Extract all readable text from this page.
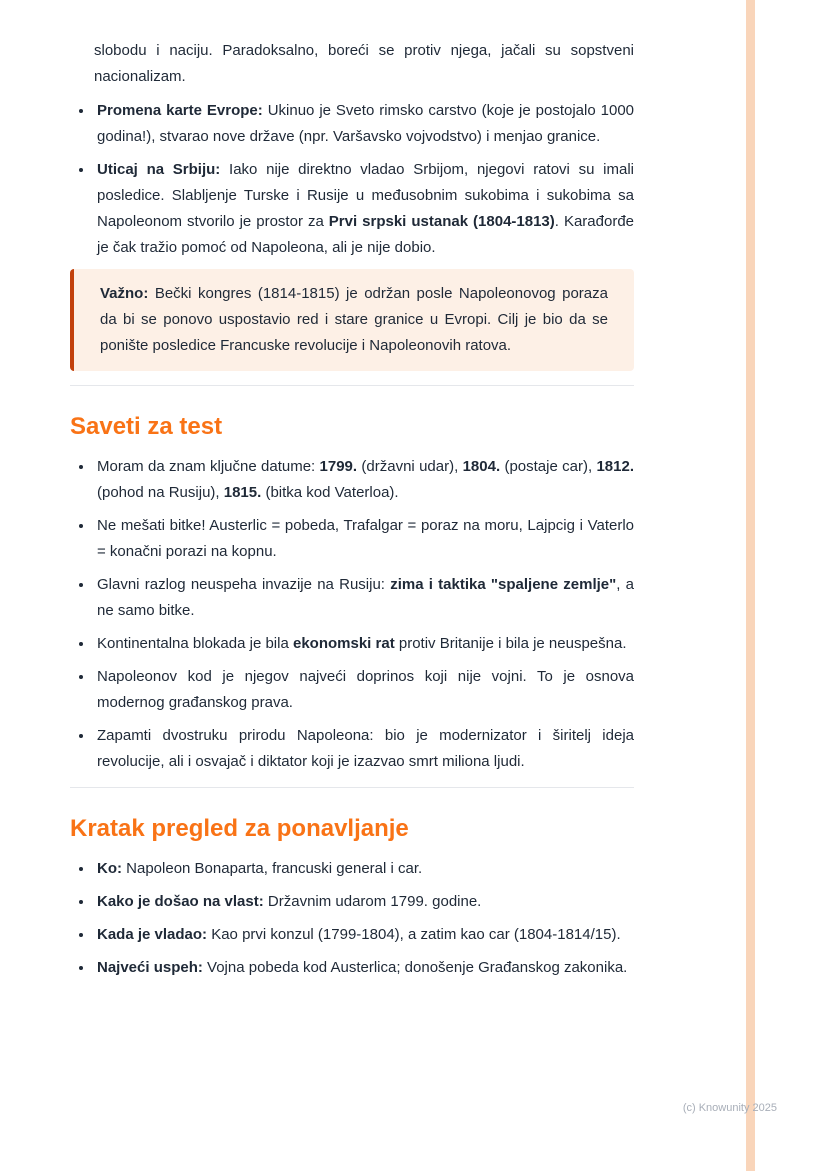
slobodu i naciju. Paradoksalno, boreći se protiv njega, jačali su sopstveni nacionalizam.

• Promena karte Evrope: Ukinuo je Sveto rimsko carstvo (koje je postojalo 1000 godina!), stvarao nove države (npr. Varšavsko vojvodstvo) i menjao granice.
• Uticaj na Srbiju: Iako nije direktno vladao Srbijom, njegovi ratovi su imali posledice. Slabljenje Turske i Rusije u međusobnim sukobima i sukobima sa Napoleonom stvorilo je prostor za Prvi srpski ustanak (1804-1813). Karađorđe je čak tražio pomoć od Napoleona, ali je nije dobio.

Važno: Bečki kongres (1814-1815) je održan posle Napoleonovog poraza da bi se ponovo uspostavio red i stare granice u Evropi. Cilj je bio da se ponište posledice Francuske revolucije i Napoleonovih ratova.

Saveti za test
• Moram da znam ključne datume: 1799. (državni udar), 1804. (postaje car), 1812. (pohod na Rusiju), 1815. (bitka kod Vaterloa).
• Ne mešati bitke! Austerlic = pobeda, Trafalgar = poraz na moru, Lajpcig i Vaterlo = konačni porazi na kopnu.
• Glavni razlog neuspeha invazije na Rusiju: zima i taktika "spaljene zemlje", a ne samo bitke.
• Kontinentalna blokada je bila ekonomski rat protiv Britanije i bila je neuspešna.
• Napoleonov kod je njegov najveći doprinos koji nije vojni. To je osnova modernog građanskog prava.
• Zapamti dvostruku prirodu Napoleona: bio je modernizator i širitelj ideja revolucije, ali i osvajač i diktator koji je izazvao smrt miliona ljudi.
Kratak pregled za ponavljanje
• Ko: Napoleon Bonaparta, francuski general i car.
• Kako je došao na vlast: Državnim udarom 1799. godine.
• Kada je vladao: Kao prvi konzul (1799-1804), a zatim kao car (1804-1814/15).
• Najveći uspeh: Vojna pobeda kod Austerlica; donošenje Građanskog zakonika.
(c) Knowunity 2025
